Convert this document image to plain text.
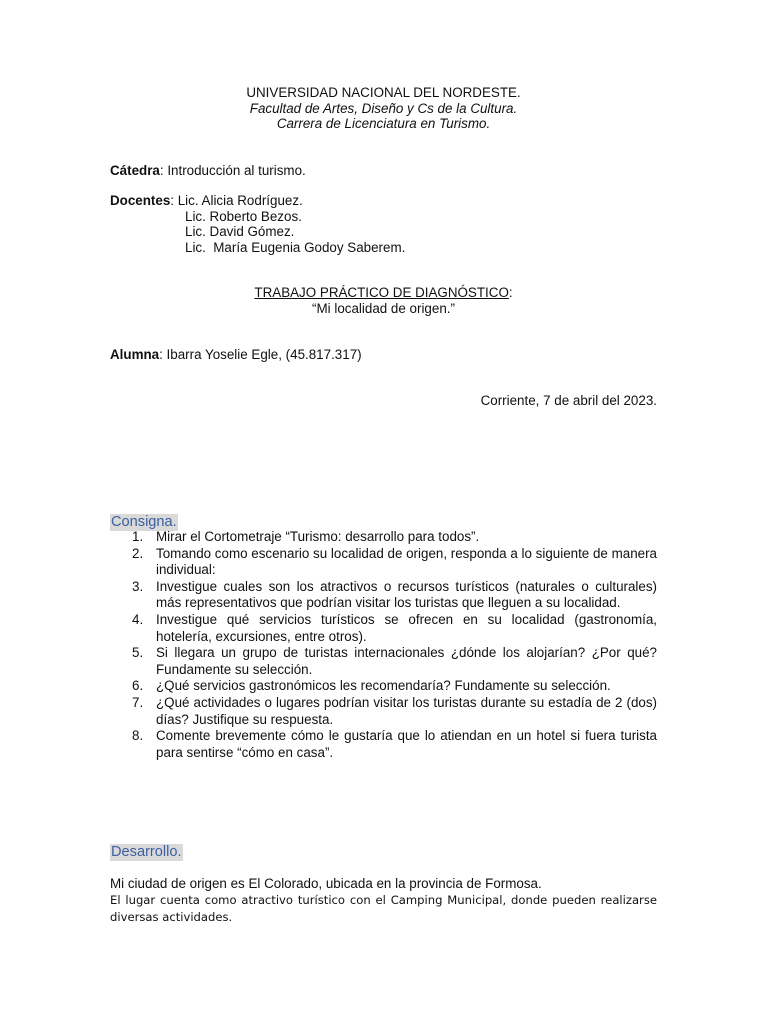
UNIVERSIDAD NACIONAL DEL NORDESTE.
Facultad de Artes, Diseño y Cs de la Cultura.
Carrera de Licenciatura en Turismo.
Cátedra: Introducción al turismo.
Docentes: Lic. Alicia Rodríguez.
Lic. Roberto Bezos.
Lic. David Gómez.
Lic.  María Eugenia Godoy Saberem.
TRABAJO PRÁCTICO DE DIAGNÓSTICO:
“Mi localidad de origen.”
Alumna: Ibarra Yoselie Egle, (45.817.317)
Corriente, 7 de abril del 2023.
Consigna.
1. Mirar el Cortometraje “Turismo: desarrollo para todos”.
2. Tomando como escenario su localidad de origen, responda a lo siguiente de manera individual:
3. Investigue cuales son los atractivos o recursos turísticos (naturales o culturales) más representativos que podrían visitar los turistas que lleguen a su localidad.
4. Investigue qué servicios turísticos se ofrecen en su localidad (gastronomía, hotelería, excursiones, entre otros).
5. Si llegara un grupo de turistas internacionales ¿dónde los alojarían? ¿Por qué? Fundamente su selección.
6. ¿Qué servicios gastronómicos les recomendaría? Fundamente su selección.
7. ¿Qué actividades o lugares podrían visitar los turistas durante su estadía de 2 (dos) días? Justifique su respuesta.
8. Comente brevemente cómo le gustaría que lo atiendan en un hotel si fuera turista para sentirse “cómo en casa”.
Desarrollo.
Mi ciudad de origen es El Colorado, ubicada en la provincia de Formosa.
El lugar cuenta como atractivo turístico con el Camping Municipal, donde pueden realizarse diversas actividades.
